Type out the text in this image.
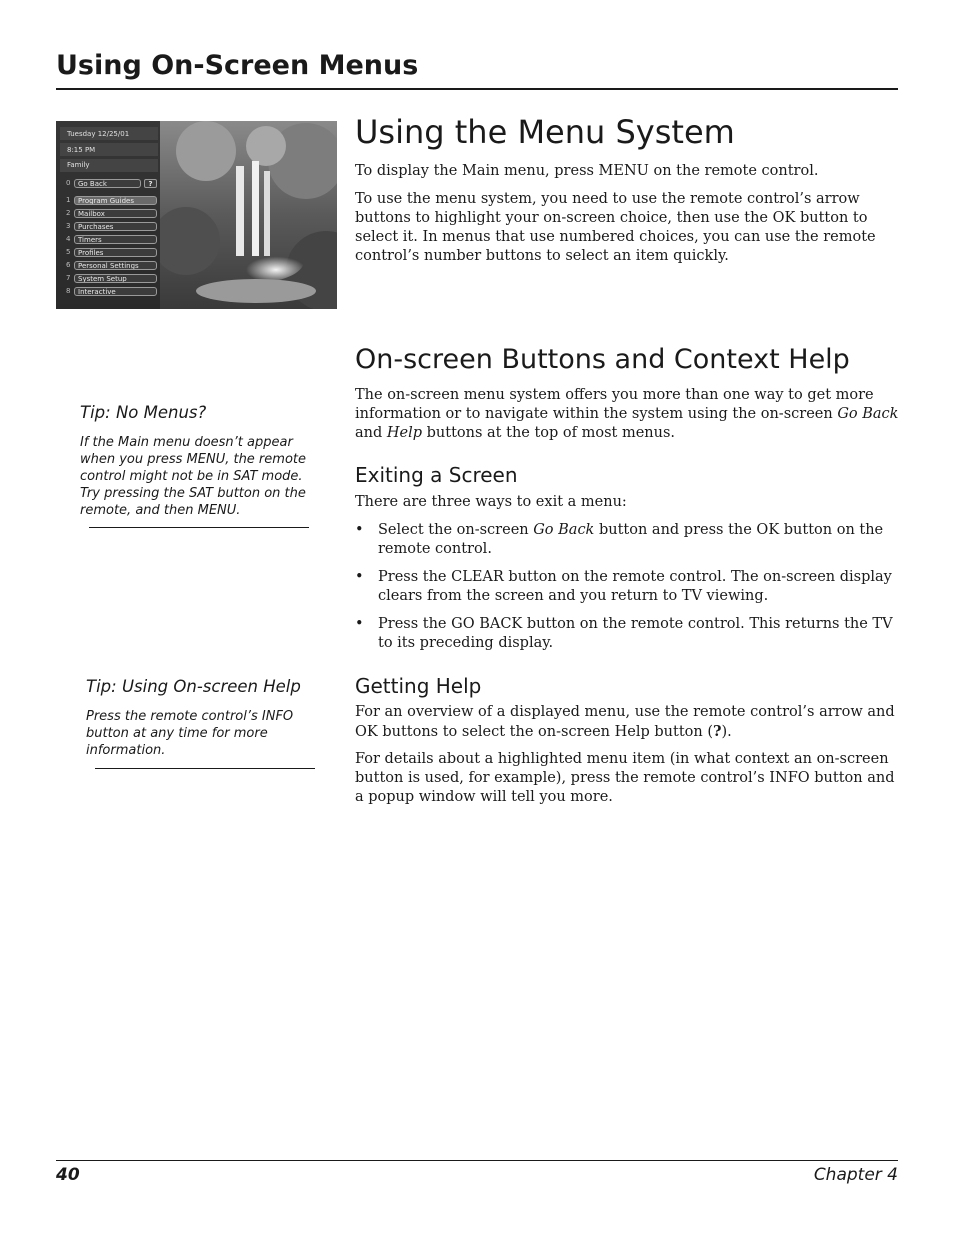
Using On-Screen Menus
Tuesday 12/25/01
8:15 PM
Family
0	Go Back	?
1	Program Guides
2	Mailbox
3	Purchases
4	Timers
5	Profiles
6	Personal Settings
7	System Setup
8	Interactive
Using the Menu System

To display the Main menu, press MENU on the remote control.

To use the menu system, you need to use the remote control’s arrow buttons to highlight your on-screen choice, then use the OK button to select it. In menus that use numbered choices, you can use the remote control’s number buttons to select an item quickly.

On-screen Buttons and Context Help

The on-screen menu system offers you more than one way to get more information or to navigate within the system using the on-screen Go Back and Help buttons at the top of most menus.

Exiting a Screen

There are three ways to exit a menu:

• Select the on-screen Go Back button and press the OK button on the remote control.
• Press the CLEAR button on the remote control. The on-screen display clears from the screen and you return to TV viewing.
• Press the GO BACK button on the remote control. This returns the TV to its preceding display.
Getting Help

For an overview of a displayed menu, use the remote control’s arrow and OK buttons to select the on-screen Help button (?).

For details about a highlighted menu item (in what context an on-screen button is used, for example), press the remote control’s INFO button and a popup window will tell you more.

Tip: No Menus?

If the Main menu doesn’t appear when you press MENU, the remote control might not be in SAT mode. Try pressing the SAT button on the remote, and then MENU.

Tip: Using On-screen Help

Press the remote control’s INFO button at any time for more information.

40	Chapter 4
